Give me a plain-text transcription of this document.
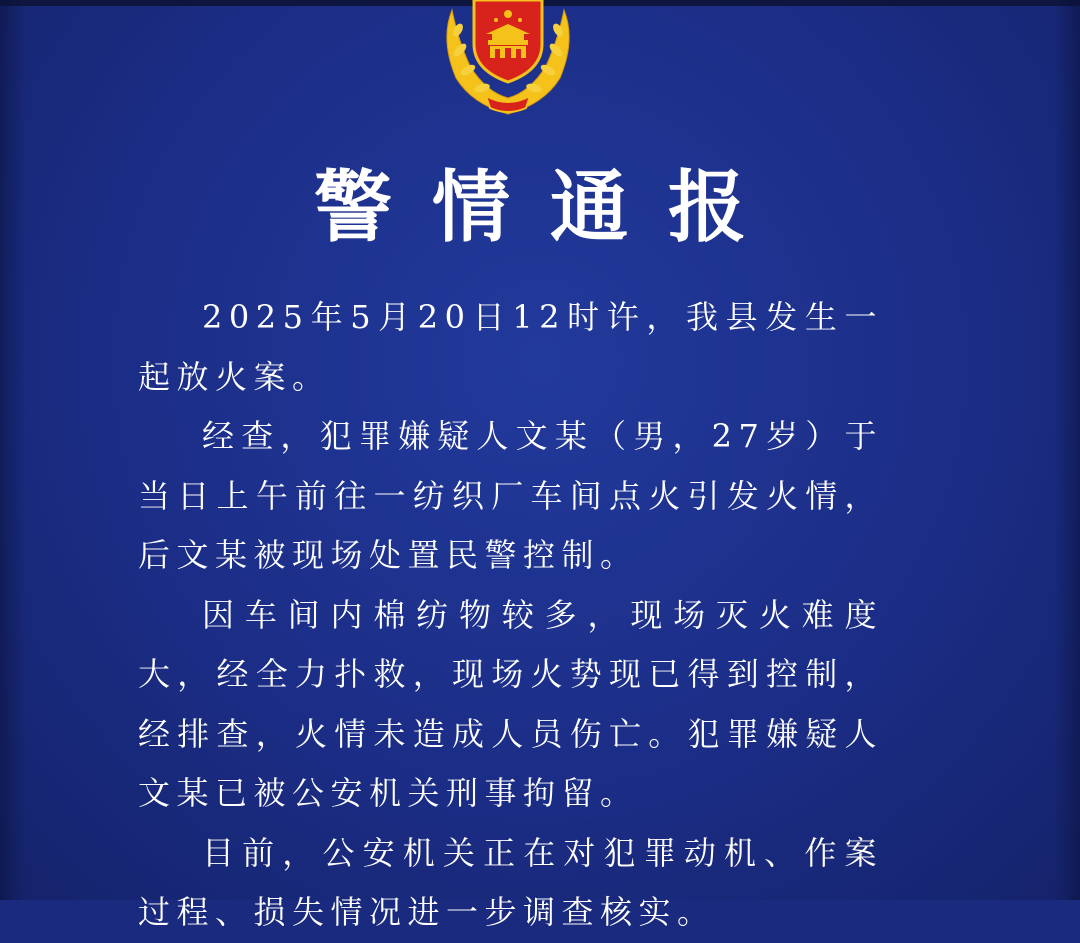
警情通报

2025年5月20日12时许，我县发生一起放火案。

经查，犯罪嫌疑人文某（男，27岁）于当日上午前往一纺织厂车间点火引发火情，后文某被现场处置民警控制。

因车间内棉纺物较多，现场灭火难度大，经全力扑救，现场火势现已得到控制，经排查，火情未造成人员伤亡。犯罪嫌疑人文某已被公安机关刑事拘留。

目前，公安机关正在对犯罪动机、作案过程、损失情况进一步调查核实。
